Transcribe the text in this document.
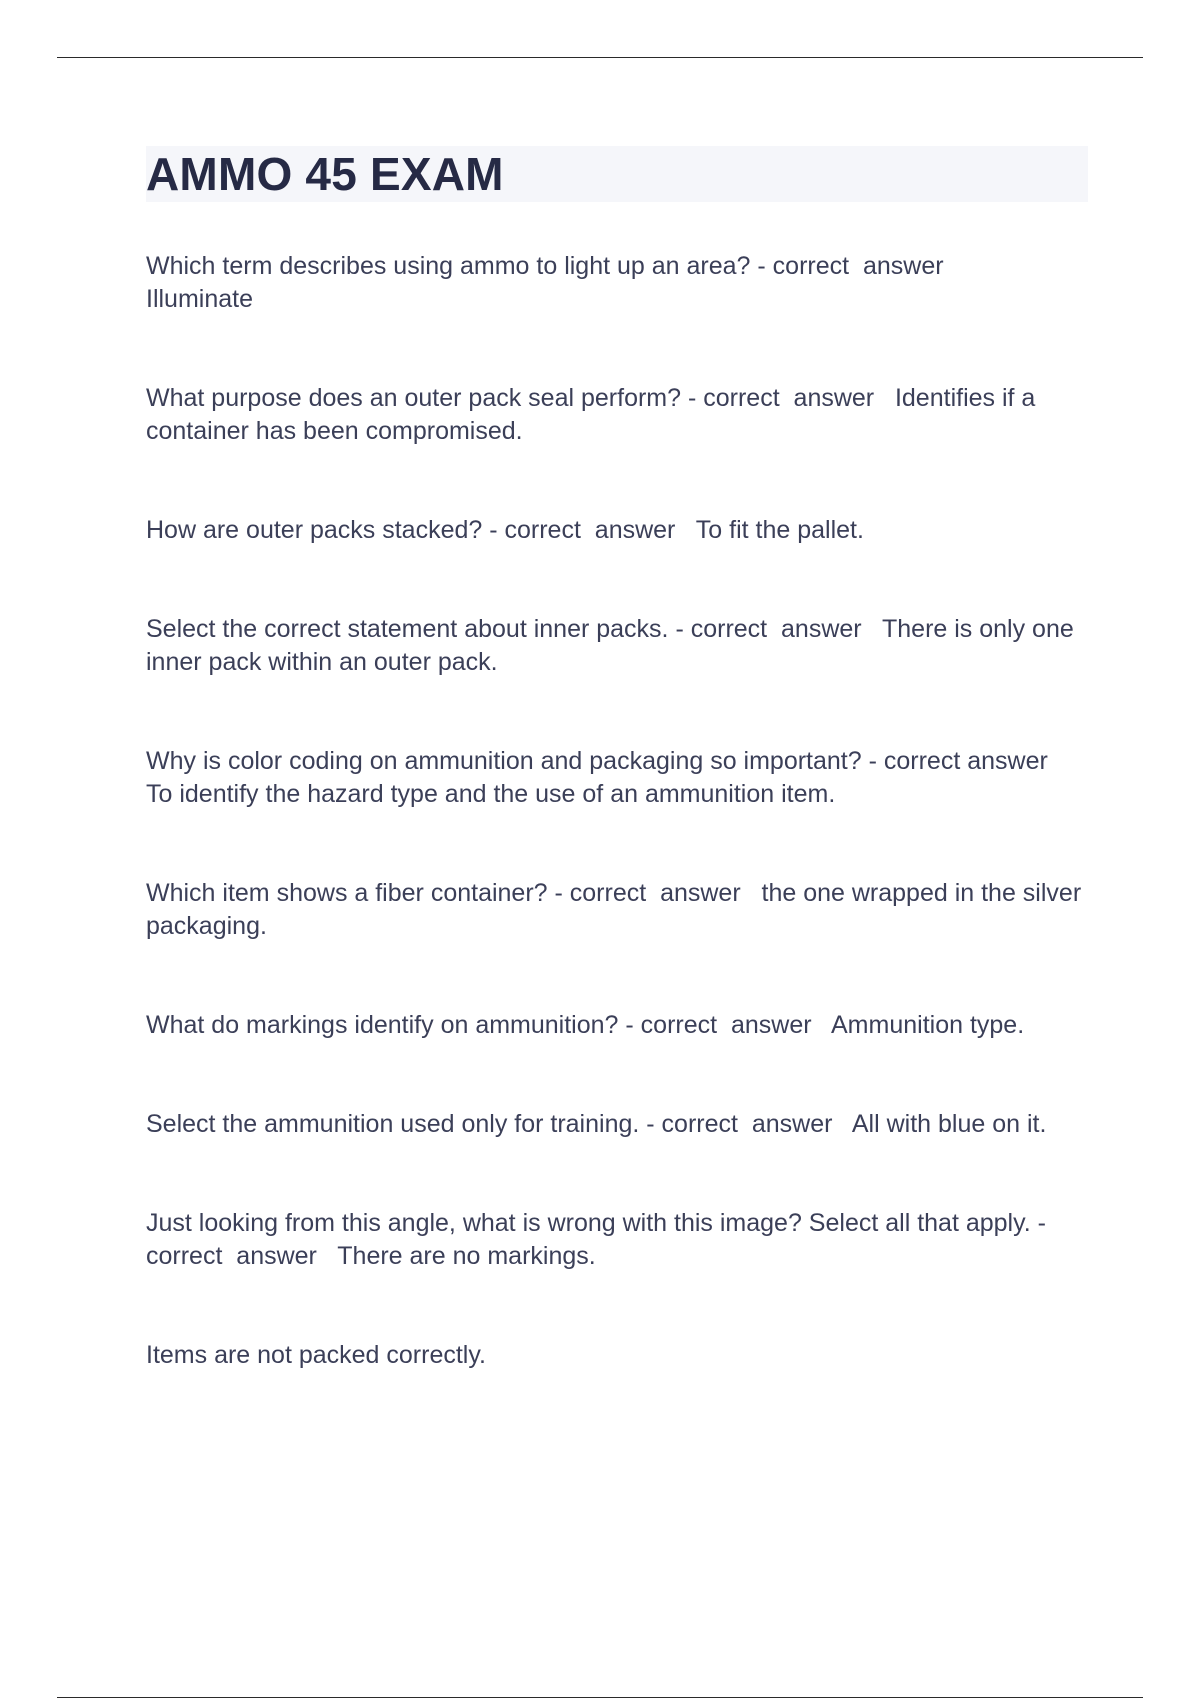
AMMO 45 EXAM

Which term describes using ammo to light up an area? - correct  answer
Illuminate

What purpose does an outer pack seal perform? - correct  answer   Identifies if a container has been compromised.

How are outer packs stacked? - correct  answer   To fit the pallet.

Select the correct statement about inner packs. - correct  answer   There is only one inner pack within an outer pack.

Why is color coding on ammunition and packaging so important? - correct answer   To identify the hazard type and the use of an ammunition item.

Which item shows a fiber container? - correct  answer   the one wrapped in the silver packaging.

What do markings identify on ammunition? - correct  answer   Ammunition type.

Select the ammunition used only for training. - correct  answer   All with blue on it.

Just looking from this angle, what is wrong with this image? Select all that apply. - correct  answer   There are no markings.

Items are not packed correctly.
